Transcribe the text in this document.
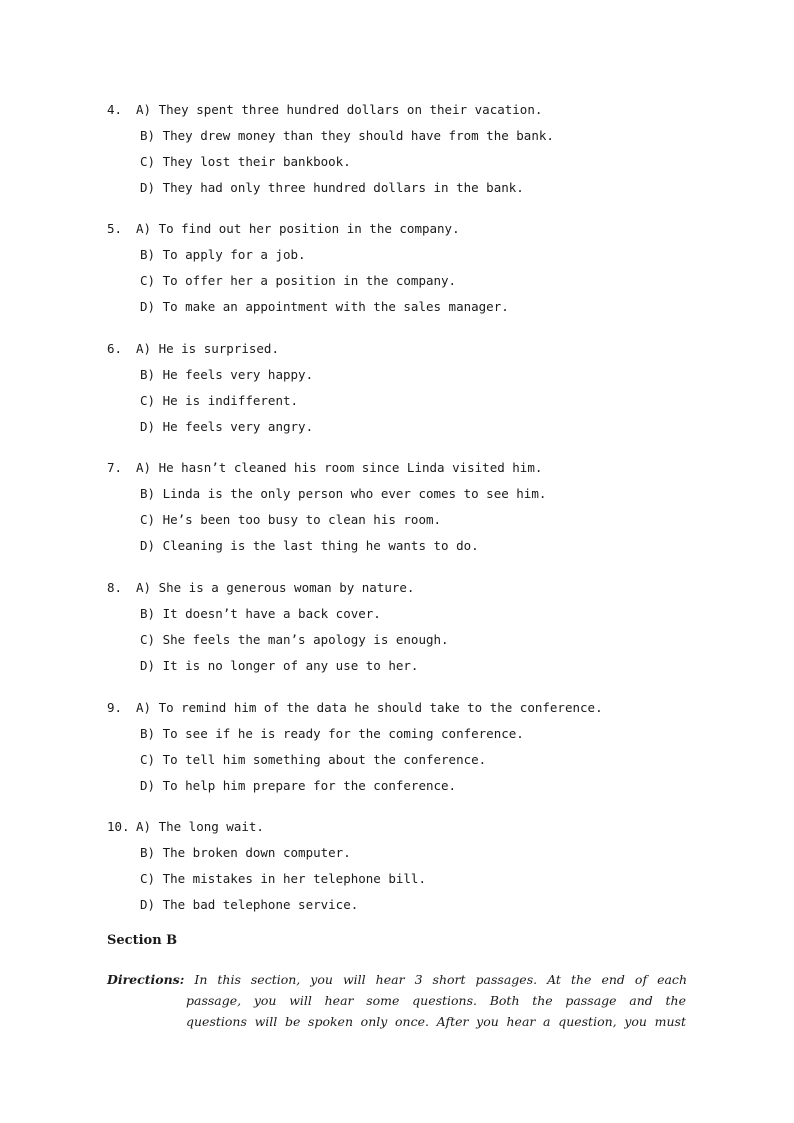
4. A) They spent three hundred dollars on their vacation.
B) They drew money than they should have from the bank.
C) They lost their bankbook.
D) They had only three hundred dollars in the bank.
5. A) To find out her position in the company.
B) To apply for a job.
C) To offer her a position in the company.
D) To make an appointment with the sales manager.
6. A) He is surprised.
B) He feels very happy.
C) He is indifferent.
D) He feels very angry.
7. A) He hasn’t cleaned his room since Linda visited him.
B) Linda is the only person who ever comes to see him.
C) He’s been too busy to clean his room.
D) Cleaning is the last thing he wants to do.
8. A) She is a generous woman by nature.
B) It doesn’t have a back cover.
C) She feels the man’s apology is enough.
D) It is no longer of any use to her.
9. A) To remind him of the data he should take to the conference.
B) To see if he is ready for the coming conference.
C) To tell him something about the conference.
D) To help him prepare for the conference.
10. A) The long wait.
B) The broken down computer.
C) The mistakes in her telephone bill.
D) The bad telephone service.
Section B
Directions: In this section, you will hear 3 short passages. At the end of each
passage, you will hear some questions. Both the passage and the
questions will be spoken only once. After you hear a question, you must
